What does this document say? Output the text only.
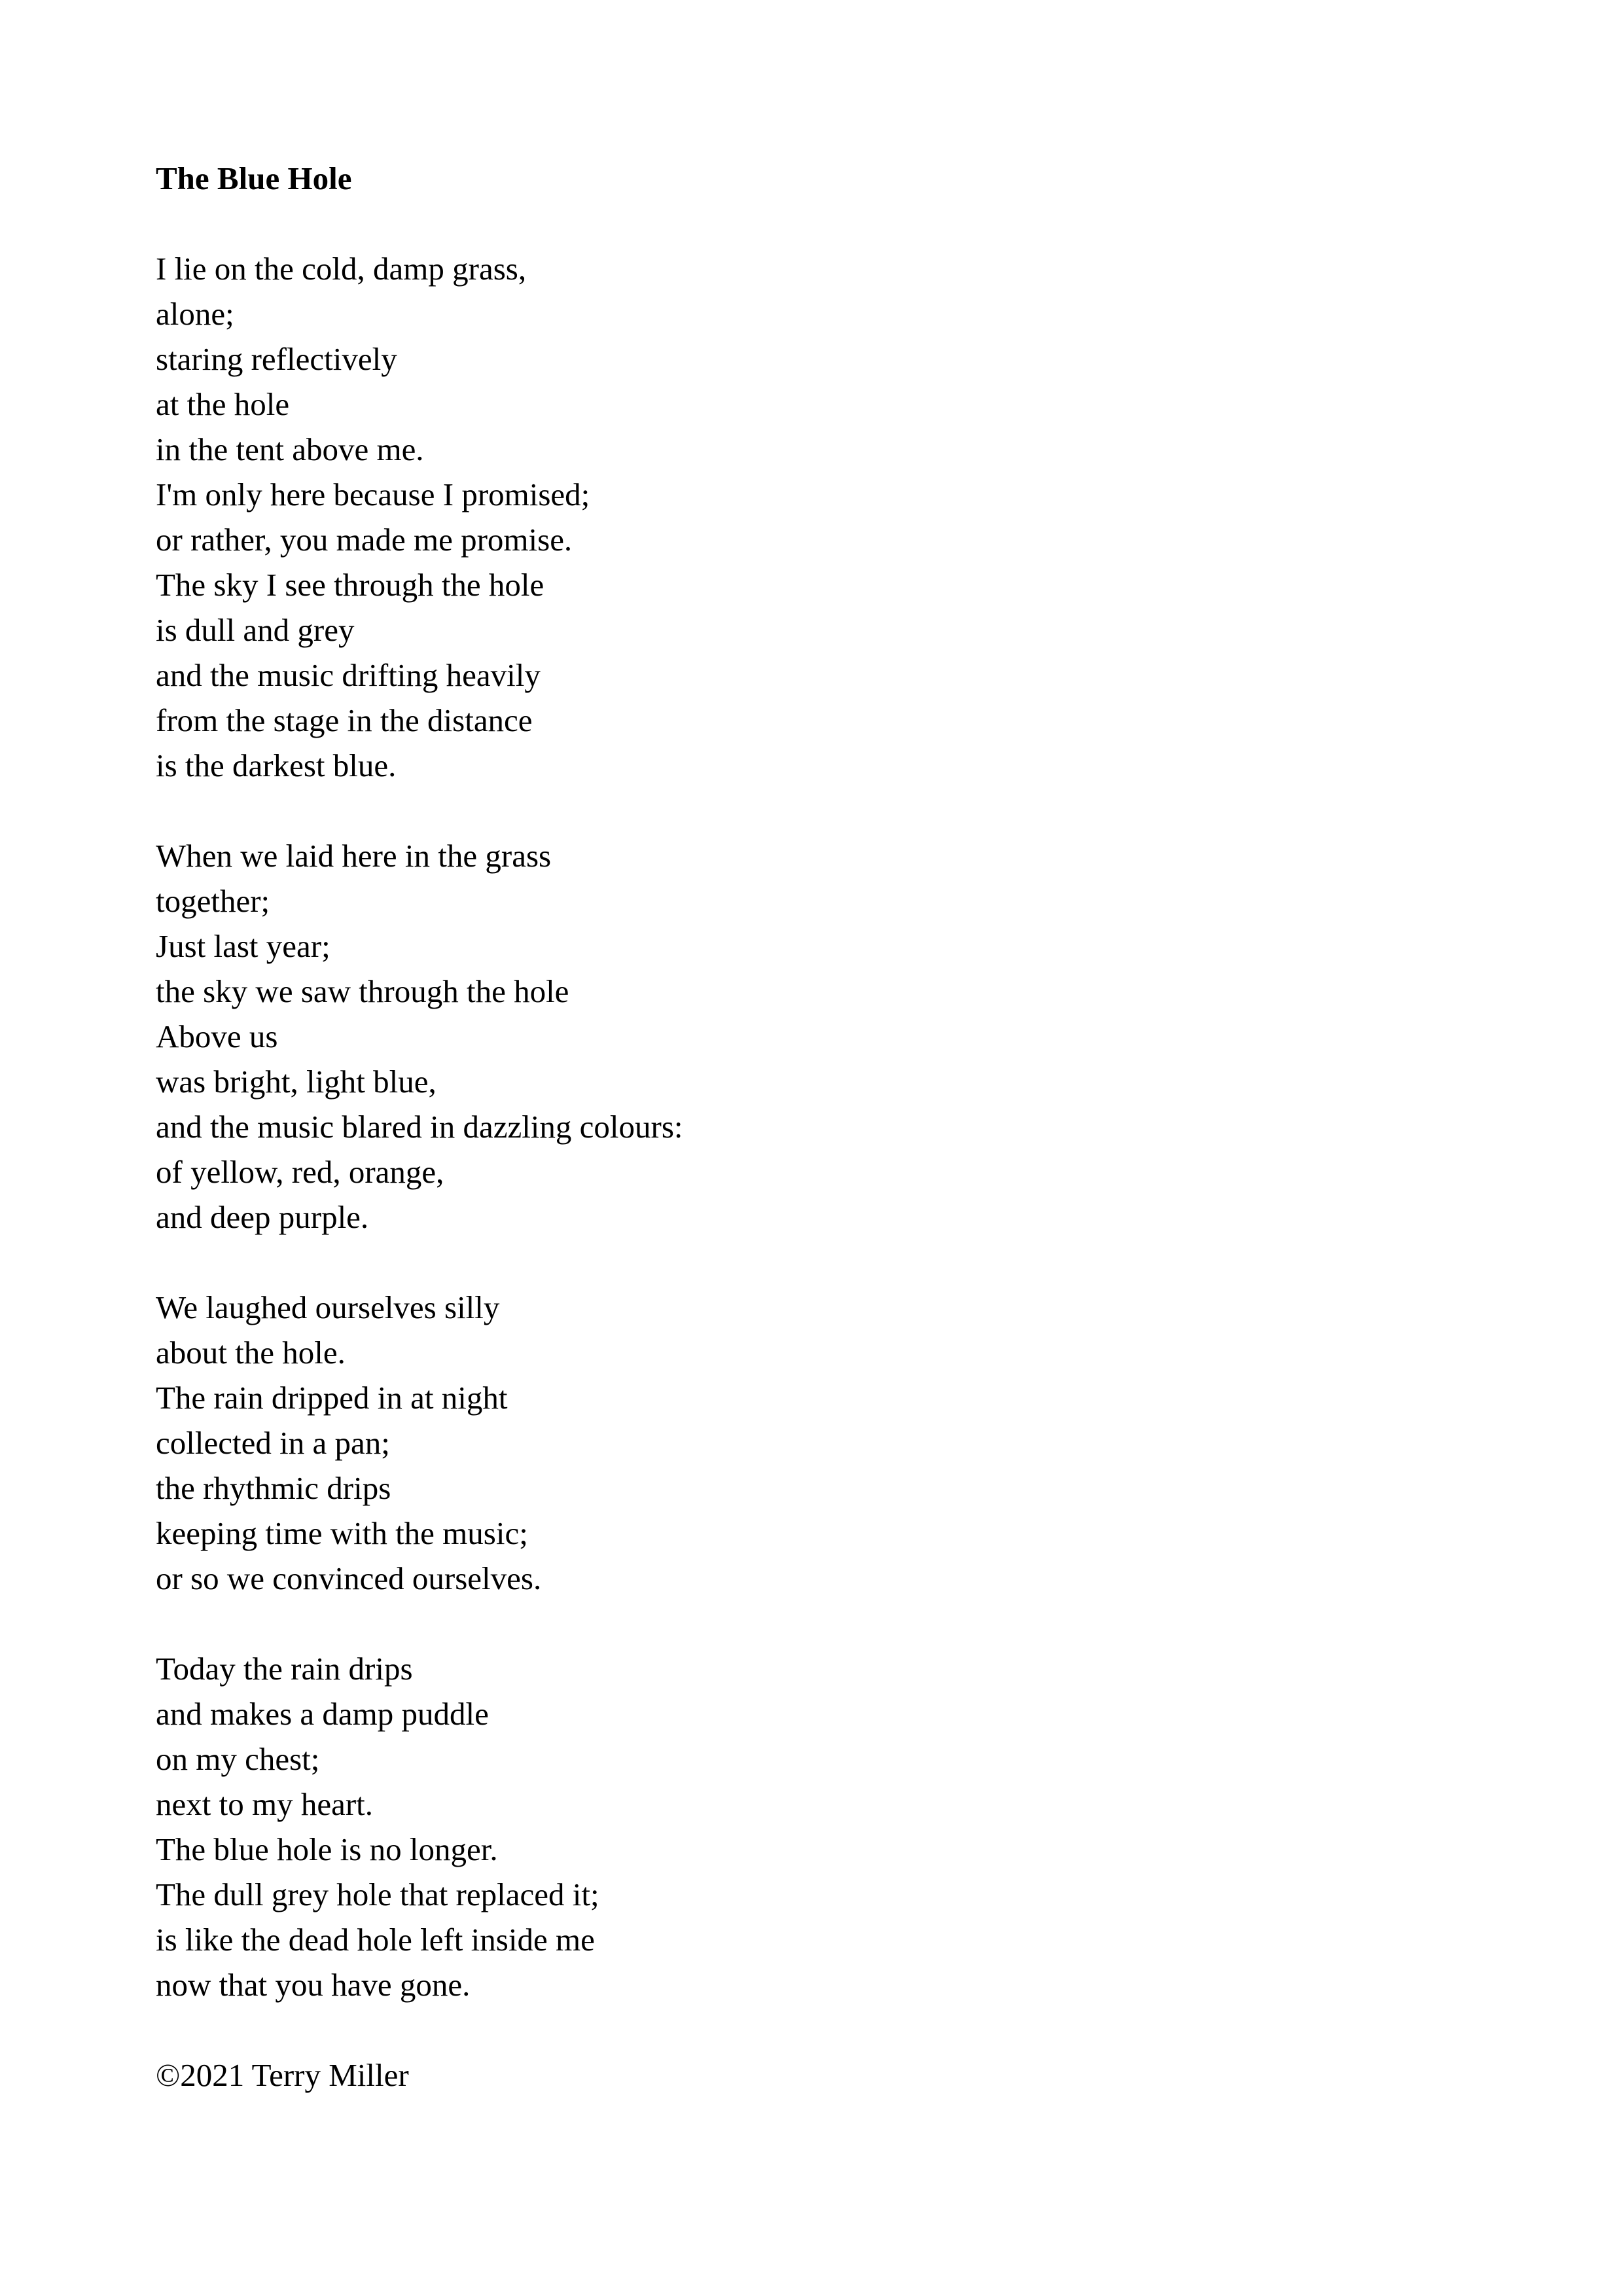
The Blue Hole
I lie on the cold, damp grass,
alone;
staring reflectively
at the hole
in the tent above me.
I'm only here because I promised;
or rather, you made me promise.
The sky I see through the hole
is dull and grey
and the music drifting heavily
from the stage in the distance
is the darkest blue.
When we laid here in the grass
together;
Just last year;
the sky we saw through the hole
Above us
was bright, light blue,
and the music blared in dazzling colours:
of yellow, red, orange,
and deep purple.
We laughed ourselves silly
about the hole.
The rain dripped in at night
collected in a pan;
the rhythmic drips
keeping time with the music;
or so we convinced ourselves.
Today the rain drips
and makes a damp puddle
on my chest;
next to my heart.
The blue hole is no longer.
The dull grey hole that replaced it;
is like the dead hole left inside me
now that you have gone.
©2021 Terry Miller
